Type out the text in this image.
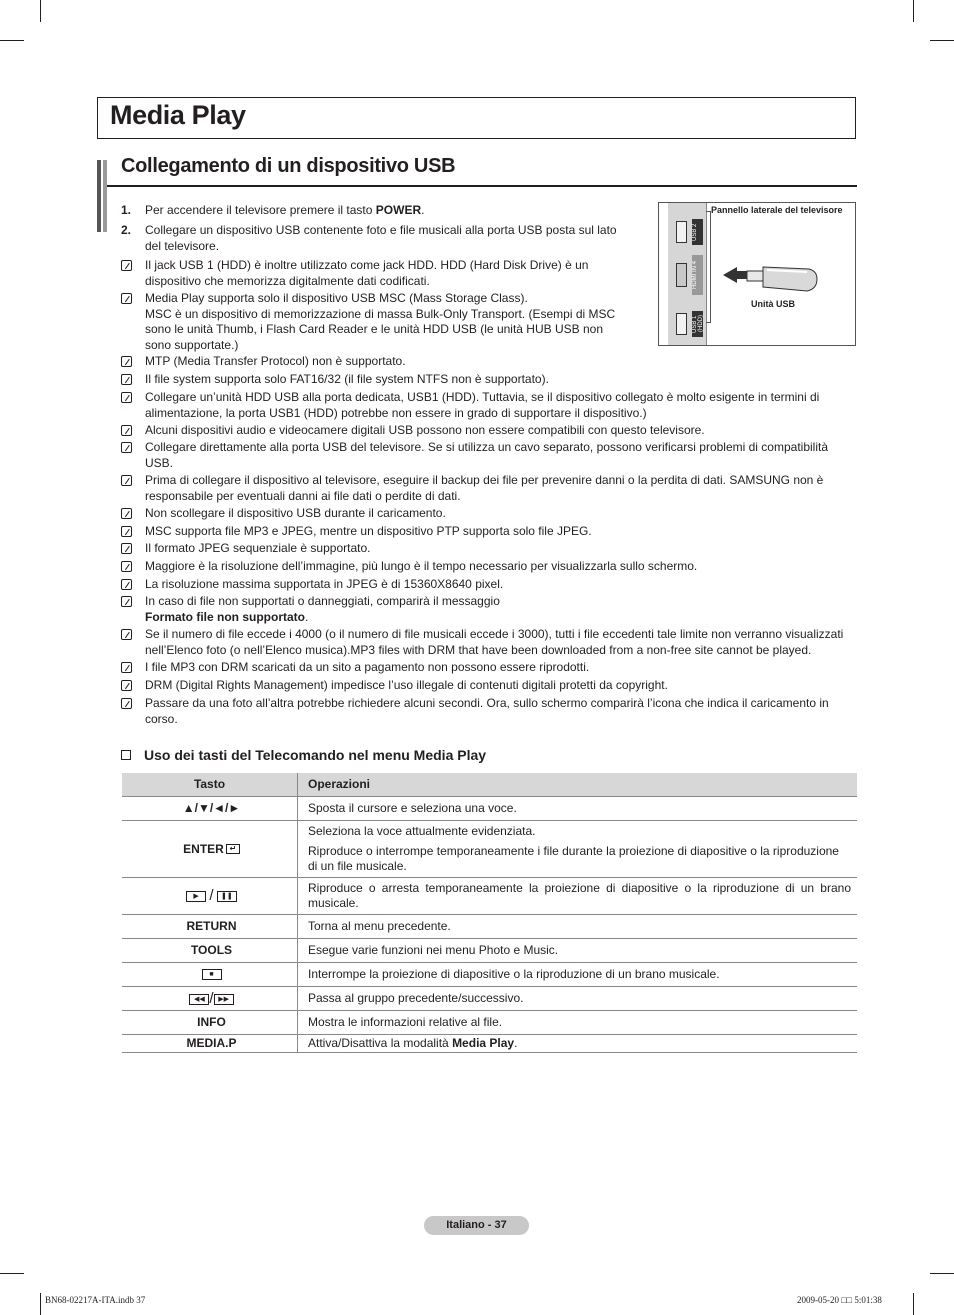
Media Play
Collegamento di un dispositivo USB
1.	Per accendere il televisore premere il tasto POWER.
2.	Collegare un dispositivo USB contenente foto e file musicali alla porta USB posta sul lato
del televisore.
Il jack USB 1 (HDD) è inoltre utilizzato come jack HDD. HDD (Hard Disk Drive) è un
dispositivo che memorizza digitalmente dati codificati.
Media Play supporta solo il dispositivo USB MSC (Mass Storage Class).
MSC è un dispositivo di memorizzazione di massa Bulk-Only Transport. (Esempi di MSC
sono le unità Thumb, i Flash Card Reader e le unità HDD USB (le unità HUB USB non
sono supportate.)
MTP (Media Transfer Protocol) non è supportato.
Il file system supporta solo FAT16/32 (il file system NTFS non è supportato).
Collegare un’unità HDD USB alla porta dedicata, USB1 (HDD). Tuttavia, se il dispositivo collegato è molto esigente in termini di
alimentazione, la porta USB1 (HDD) potrebbe non essere in grado di supportare il dispositivo.)
Alcuni dispositivi audio e videocamere digitali USB possono non essere compatibili con questo televisore.
Collegare direttamente alla porta USB del televisore. Se si utilizza un cavo separato, possono verificarsi problemi di compatibilità
USB.
Prima di collegare il dispositivo al televisore, eseguire il backup dei file per prevenire danni o la perdita di dati. SAMSUNG non è
responsabile per eventuali danni ai file dati o perdite di dati.
Non scollegare il dispositivo USB durante il caricamento.
MSC supporta file MP3 e JPEG, mentre un dispositivo PTP supporta solo file JPEG.
Il formato JPEG sequenziale è supportato.
Maggiore è la risoluzione dell’immagine, più lungo è il tempo necessario per visualizzarla sullo schermo.
La risoluzione massima supportata in JPEG è di 15360X8640 pixel.
In caso di file non supportati o danneggiati, comparirà il messaggio
Formato file non supportato.
Se il numero di file eccede i 4000 (o il numero di file musicali eccede i 3000), tutti i file eccedenti tale limite non verranno visualizzati
nell’Elenco foto (o nell’Elenco musica).MP3 files with DRM that have been downloaded from a non-free site cannot be played.
I file MP3 con DRM scaricati da un sito a pagamento non possono essere riprodotti.
DRM (Digital Rights Management) impedisce l’uso illegale di contenuti digitali protetti da copyright.
Passare da una foto all’altra potrebbe richiedere alcuni secondi. Ora, sullo schermo comparirà l’icona che indica il caricamento in
corso.
USB 2
HDMI IN 4
USB 1 (HDD)
Pannello laterale del televisore
Unità USB
Uso dei tasti del Telecomando nel menu Media Play
Tasto	Operazioni
▲/▼/◄/►	Sposta il cursore e seleziona una voce.
ENTER ↵	Seleziona la voce attualmente evidenziata.
Riproduce o interrompe temporaneamente i file durante la proiezione di diapositive o la riproduzione di un file musicale.

▶ / ❚❚	Riproduce o arresta temporaneamente la proiezione di diapositive o la riproduzione di un brano musicale.
RETURN	Torna al menu precedente.
TOOLS	Esegue varie funzioni nei menu Photo e Music.
■	Interrompe la proiezione di diapositive o la riproduzione di un brano musicale.
◀◀ / ▶▶	Passa al gruppo precedente/successivo.
INFO	Mostra le informazioni relative al file.
MEDIA.P	Attiva/Disattiva la modalità Media Play.
Italiano - 37
BN68-02217A-ITA.indb 37	2009-05-20 □□ 5:01:38
